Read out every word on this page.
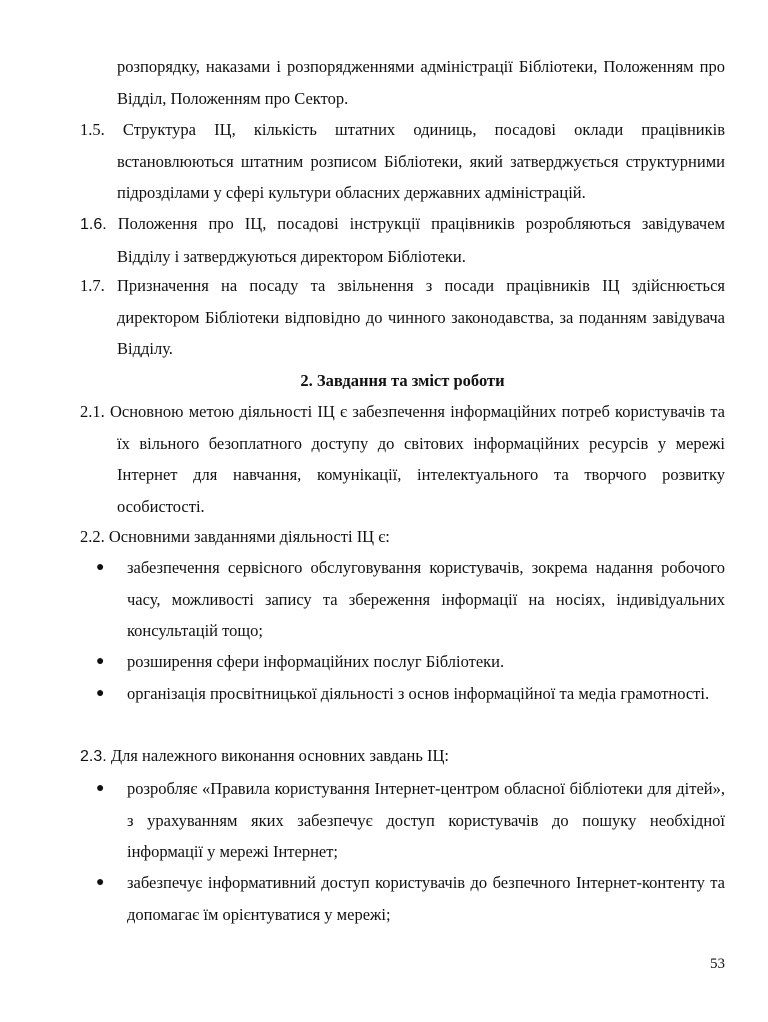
розпорядку, наказами і розпорядженнями адміністрації Бібліотеки, Положенням про Відділ, Положенням про Сектор.

1.5. Структура ІЦ, кількість штатних одиниць, посадові оклади працівників встановлюються штатним розписом Бібліотеки, який затверджується структурними підрозділами у сфері культури обласних державних адміністрацій.

1.6. Положення про ІЦ, посадові інструкції працівників розробляються завідувачем Відділу і затверджуються директором Бібліотеки.

1.7. Призначення на посаду та звільнення з посади працівників ІЦ здійснюється директором Бібліотеки відповідно до чинного законодавства, за поданням завідувача Відділу.

2. Завдання та зміст роботи

2.1. Основною метою діяльності ІЦ є забезпечення інформаційних потреб користувачів та їх вільного безоплатного доступу до світових інформаційних ресурсів у мережі Інтернет для навчання, комунікації, інтелектуального та творчого розвитку особистості.

2.2. Основними завданнями діяльності ІЦ є:

●	забезпечення сервісного обслуговування користувачів, зокрема надання робочого часу, можливості запису та збереження інформації на носіях, індивідуальних консультацій тощо;
●	розширення сфери інформаційних послуг Бібліотеки.
●	організація просвітницької діяльності з основ інформаційної та медіа грамотності.

2.3. Для належного виконання основних завдань ІЦ:

●	розробляє «Правила користування Інтернет-центром обласної бібліотеки для дітей», з урахуванням яких забезпечує доступ користувачів до пошуку необхідної інформації у мережі Інтернет;
●	забезпечує інформативний доступ користувачів до безпечного Інтернет-контенту та допомагає їм орієнтуватися у мережі;
53
